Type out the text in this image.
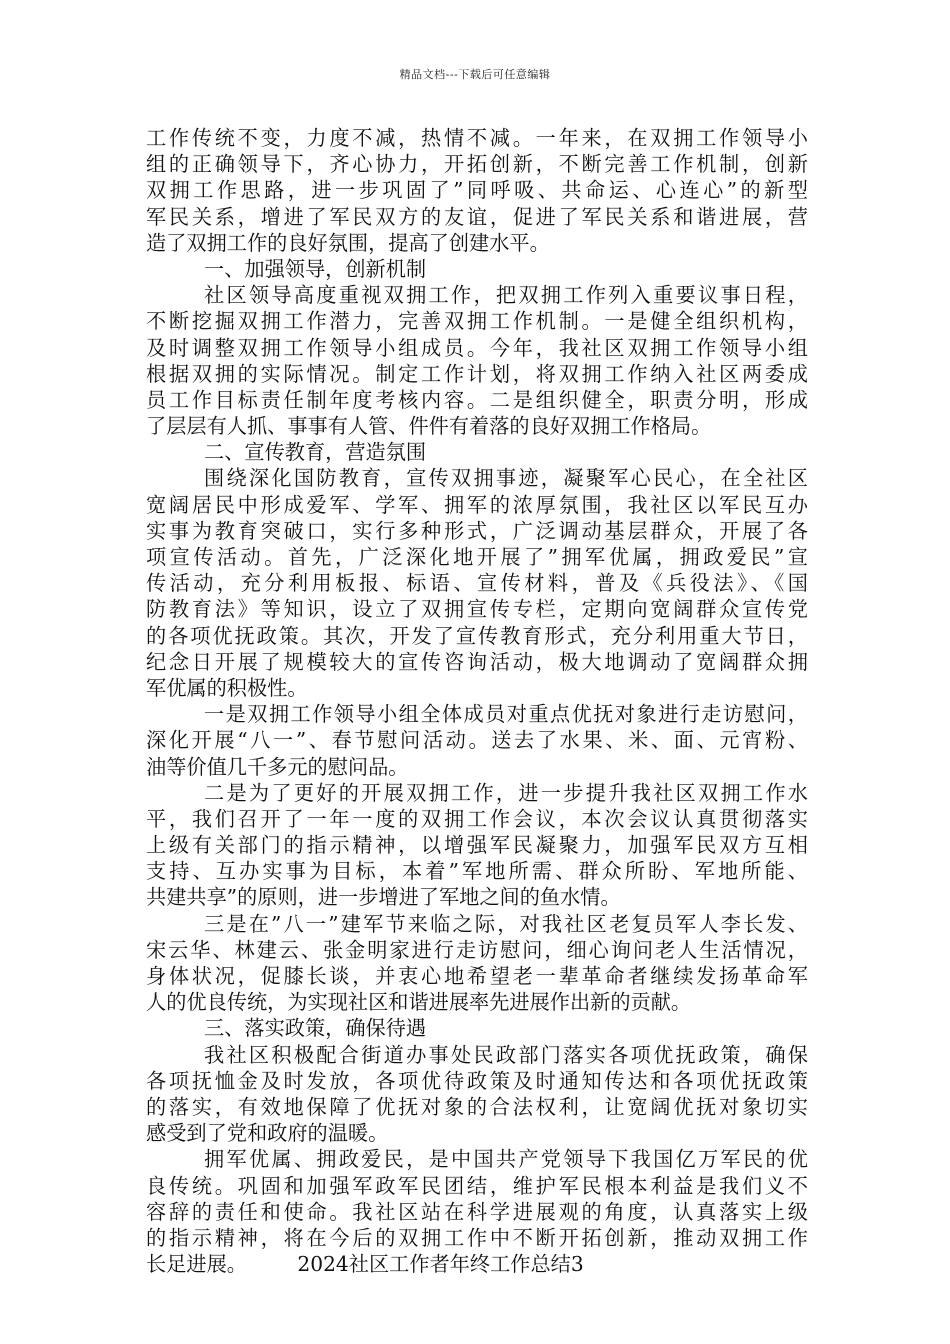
精品文档---下载后可任意编辑
工作传统不变，力度不减，热情不减。一年来，在双拥工作领导小
组的正确领导下，齐心协力，开拓创新，不断完善工作机制，创新
双拥工作思路，进一步巩固了”同呼吸、共命运、心连心”的新型
军民关系，增进了军民双方的友谊，促进了军民关系和谐进展，营
造了双拥工作的良好氛围，提高了创建水平。
一、加强领导，创新机制
社区领导高度重视双拥工作，把双拥工作列入重要议事日程，
不断挖掘双拥工作潜力，完善双拥工作机制。一是健全组织机构，
及时调整双拥工作领导小组成员。今年，我社区双拥工作领导小组
根据双拥的实际情况。制定工作计划，将双拥工作纳入社区两委成
员工作目标责任制年度考核内容。二是组织健全，职责分明，形成
了层层有人抓、事事有人管、件件有着落的良好双拥工作格局。
二、宣传教育，营造氛围
围绕深化国防教育，宣传双拥事迹，凝聚军心民心，在全社区
宽阔居民中形成爱军、学军、拥军的浓厚氛围，我社区以军民互办
实事为教育突破口，实行多种形式，广泛调动基层群众，开展了各
项宣传活动。首先，广泛深化地开展了”拥军优属，拥政爱民”宣
传活动，充分利用板报、标语、宣传材料，普及《兵役法》、《国
防教育法》等知识，设立了双拥宣传专栏，定期向宽阔群众宣传党
的各项优抚政策。其次，开发了宣传教育形式，充分利用重大节日，
纪念日开展了规模较大的宣传咨询活动，极大地调动了宽阔群众拥
军优属的积极性。
一是双拥工作领导小组全体成员对重点优抚对象进行走访慰问，
深化开展“八一”、春节慰问活动。送去了水果、米、面、元宵粉、
油等价值几千多元的慰问品。
二是为了更好的开展双拥工作，进一步提升我社区双拥工作水
平，我们召开了一年一度的双拥工作会议，本次会议认真贯彻落实
上级有关部门的指示精神，以增强军民凝聚力，加强军民双方互相
支持、互办实事为目标，本着”军地所需、群众所盼、军地所能、
共建共享”的原则，进一步增进了军地之间的鱼水情。
三是在”八一”建军节来临之际，对我社区老复员军人李长发、
宋云华、林建云、张金明家进行走访慰问，细心询问老人生活情况，
身体状况，促膝长谈，并衷心地希望老一辈革命者继续发扬革命军
人的优良传统，为实现社区和谐进展率先进展作出新的贡献。
三、落实政策，确保待遇
我社区积极配合街道办事处民政部门落实各项优抚政策，确保
各项抚恤金及时发放，各项优待政策及时通知传达和各项优抚政策
的落实，有效地保障了优抚对象的合法权利，让宽阔优抚对象切实
感受到了党和政府的温暖。
拥军优属、拥政爱民，是中国共产党领导下我国亿万军民的优
良传统。巩固和加强军政军民团结，维护军民根本利益是我们义不
容辞的责任和使命。我社区站在科学进展观的角度，认真落实上级
的指示精神，将在今后的双拥工作中不断开拓创新，推动双拥工作
长足进展。　　　2024社区工作者年终工作总结3
